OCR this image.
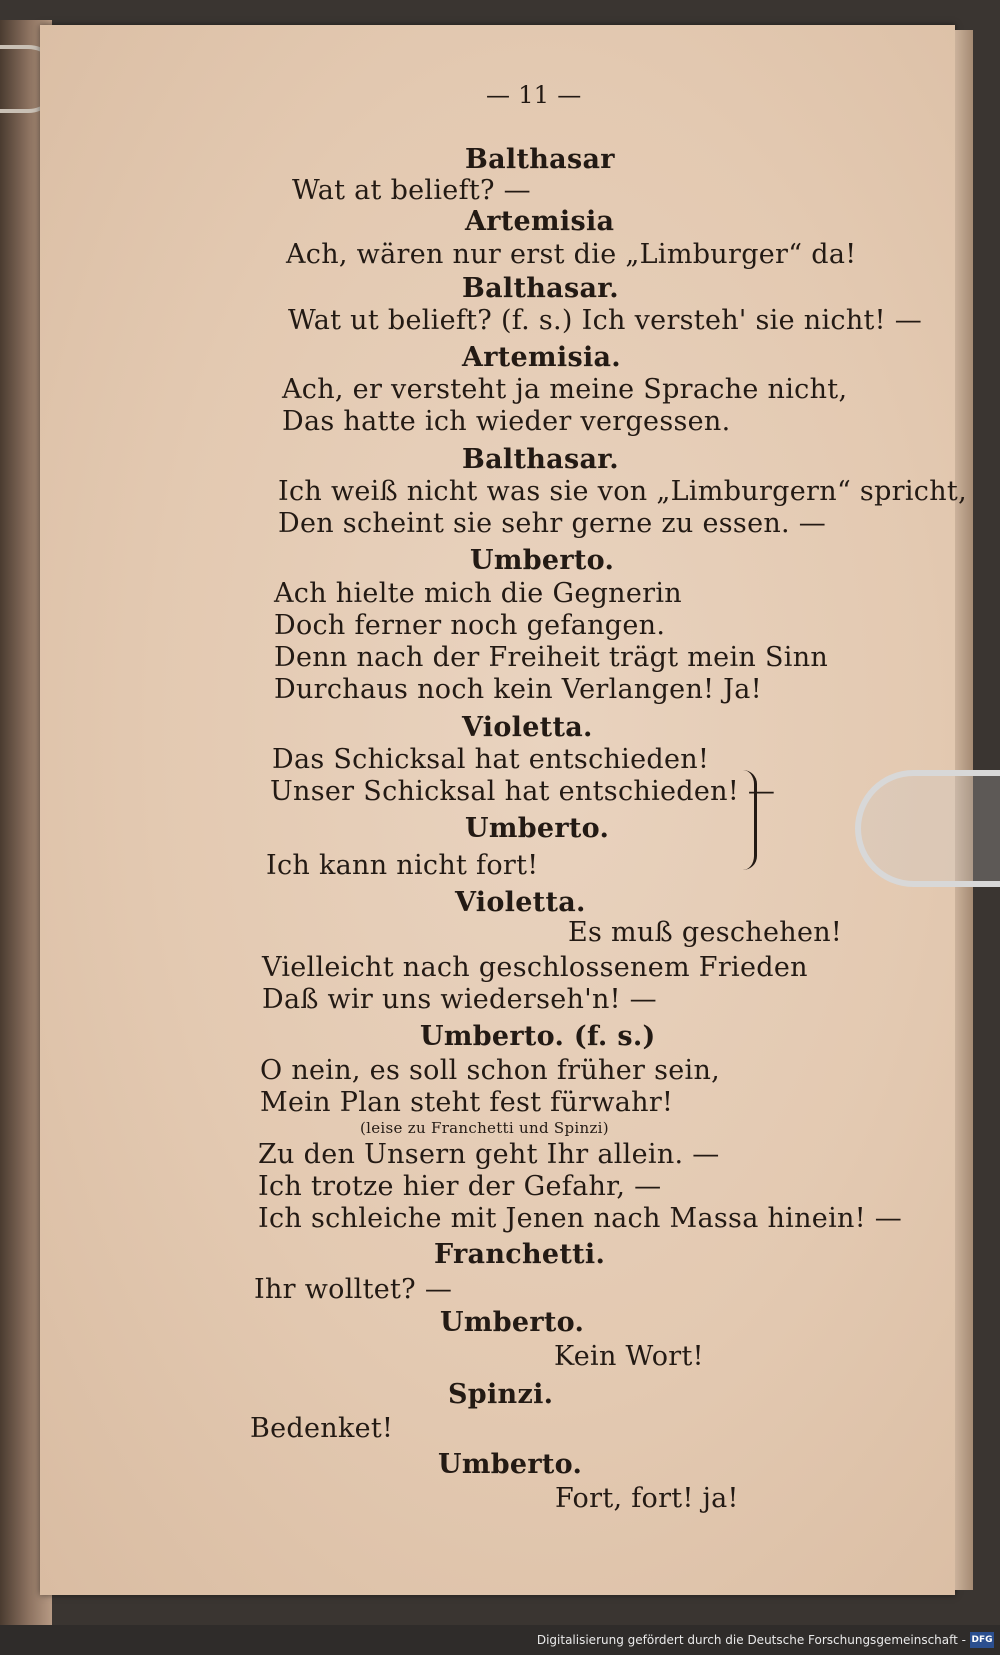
— 11 —
Balthasar
Wat at belieft? —
Artemisia
Ach, wären nur erst die „Limburger“ da!
Balthasar.
Wat ut belieft? (f. s.) Ich versteh' sie nicht! —
Artemisia.
Ach, er versteht ja meine Sprache nicht,
Das hatte ich wieder vergessen.
Balthasar.
Ich weiß nicht was sie von „Limburgern“ spricht,
Den scheint sie sehr gerne zu essen. —
Umberto.
Ach hielte mich die Gegnerin
Doch ferner noch gefangen.
Denn nach der Freiheit trägt mein Sinn
Durchaus noch kein Verlangen! Ja!
Violetta.
Das Schicksal hat entschieden!
Unser Schicksal hat entschieden! —
Umberto.
Ich kann nicht fort!
Violetta.
Es muß geschehen!
Vielleicht nach geschlossenem Frieden
Daß wir uns wiederseh'n! —
Umberto. (f. s.)
O nein, es soll schon früher sein,
Mein Plan steht fest fürwahr!
(leise zu Franchetti und Spinzi)
Zu den Unsern geht Ihr allein. —
Ich trotze hier der Gefahr, —
Ich schleiche mit Jenen nach Massa hinein! —
Franchetti.
Ihr wolltet? —
Umberto.
Kein Wort!
Spinzi.
Bedenket!
Umberto.
Fort, fort! ja!
Digitalisierung gefördert durch die Deutsche Forschungsgemeinschaft - DFG
